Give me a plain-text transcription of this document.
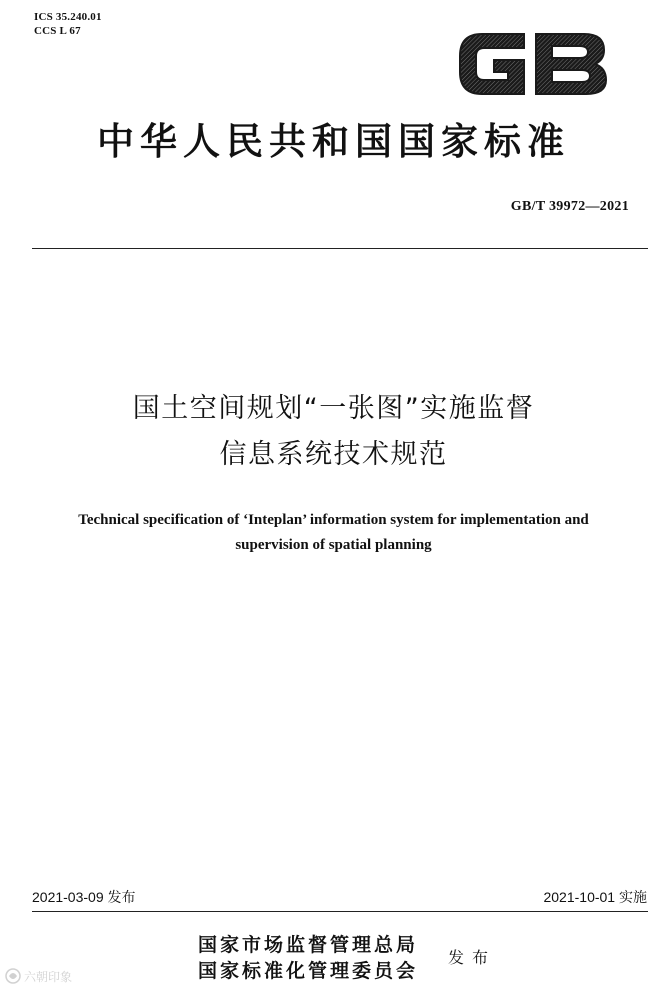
ICS 35.240.01
CCS L 67
中华人民共和国国家标准
GB/T 39972—2021
国土空间规划“一张图”实施监督
信息系统技术规范
Technical specification of ‘Inteplan’ information system for implementation and
supervision of spatial planning
2021-03-09 发布	2021-10-01 实施
国家市场监督管理总局
国家标准化管理委员会
发布
六朝印象
